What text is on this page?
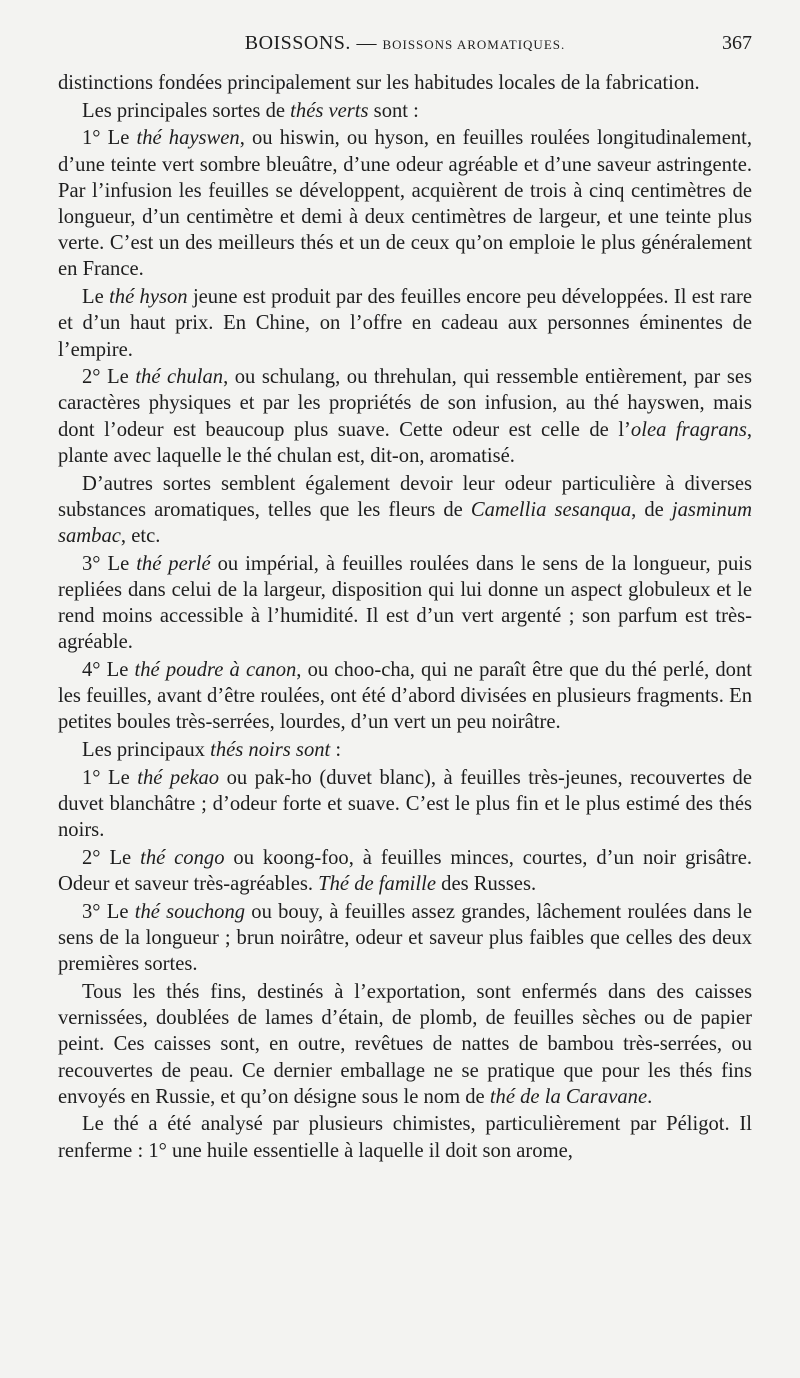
BOISSONS. — BOISSONS AROMATIQUES.	367

distinctions fondées principalement sur les habitudes locales de la fabrication.

Les principales sortes de thés verts sont :

1° Le thé hayswen, ou hiswin, ou hyson, en feuilles roulées longitudinalement, d’une teinte vert sombre bleuâtre, d’une odeur agréable et d’une saveur astringente. Par l’infusion les feuilles se développent, acquièrent de trois à cinq centimètres de longueur, d’un centimètre et demi à deux centimètres de largeur, et une teinte plus verte. C’est un des meilleurs thés et un de ceux qu’on emploie le plus généralement en France.

Le thé hyson jeune est produit par des feuilles encore peu développées. Il est rare et d’un haut prix. En Chine, on l’offre en cadeau aux personnes éminentes de l’empire.

2° Le thé chulan, ou schulang, ou threhulan, qui ressemble entièrement, par ses caractères physiques et par les propriétés de son infusion, au thé hayswen, mais dont l’odeur est beaucoup plus suave. Cette odeur est celle de l’olea fragrans, plante avec laquelle le thé chulan est, dit-on, aromatisé.

D’autres sortes semblent également devoir leur odeur particulière à diverses substances aromatiques, telles que les fleurs de Camellia sesanqua, de jasminum sambac, etc.

3° Le thé perlé ou impérial, à feuilles roulées dans le sens de la longueur, puis repliées dans celui de la largeur, disposition qui lui donne un aspect globuleux et le rend moins accessible à l’humidité. Il est d’un vert argenté ; son parfum est très-agréable.

4° Le thé poudre à canon, ou choo-cha, qui ne paraît être que du thé perlé, dont les feuilles, avant d’être roulées, ont été d’abord divisées en plusieurs fragments. En petites boules très-serrées, lourdes, d’un vert un peu noirâtre.

Les principaux thés noirs sont :

1° Le thé pekao ou pak-ho (duvet blanc), à feuilles très-jeunes, recouvertes de duvet blanchâtre ; d’odeur forte et suave. C’est le plus fin et le plus estimé des thés noirs.

2° Le thé congo ou koong-foo, à feuilles minces, courtes, d’un noir grisâtre. Odeur et saveur très-agréables. Thé de famille des Russes.

3° Le thé souchong ou bouy, à feuilles assez grandes, lâchement roulées dans le sens de la longueur ; brun noirâtre, odeur et saveur plus faibles que celles des deux premières sortes.

Tous les thés fins, destinés à l’exportation, sont enfermés dans des caisses vernissées, doublées de lames d’étain, de plomb, de feuilles sèches ou de papier peint. Ces caisses sont, en outre, revêtues de nattes de bambou très-serrées, ou recouvertes de peau. Ce dernier emballage ne se pratique que pour les thés fins envoyés en Russie, et qu’on désigne sous le nom de thé de la Caravane.

Le thé a été analysé par plusieurs chimistes, particulièrement par Péligot. Il renferme : 1° une huile essentielle à laquelle il doit son arome,
